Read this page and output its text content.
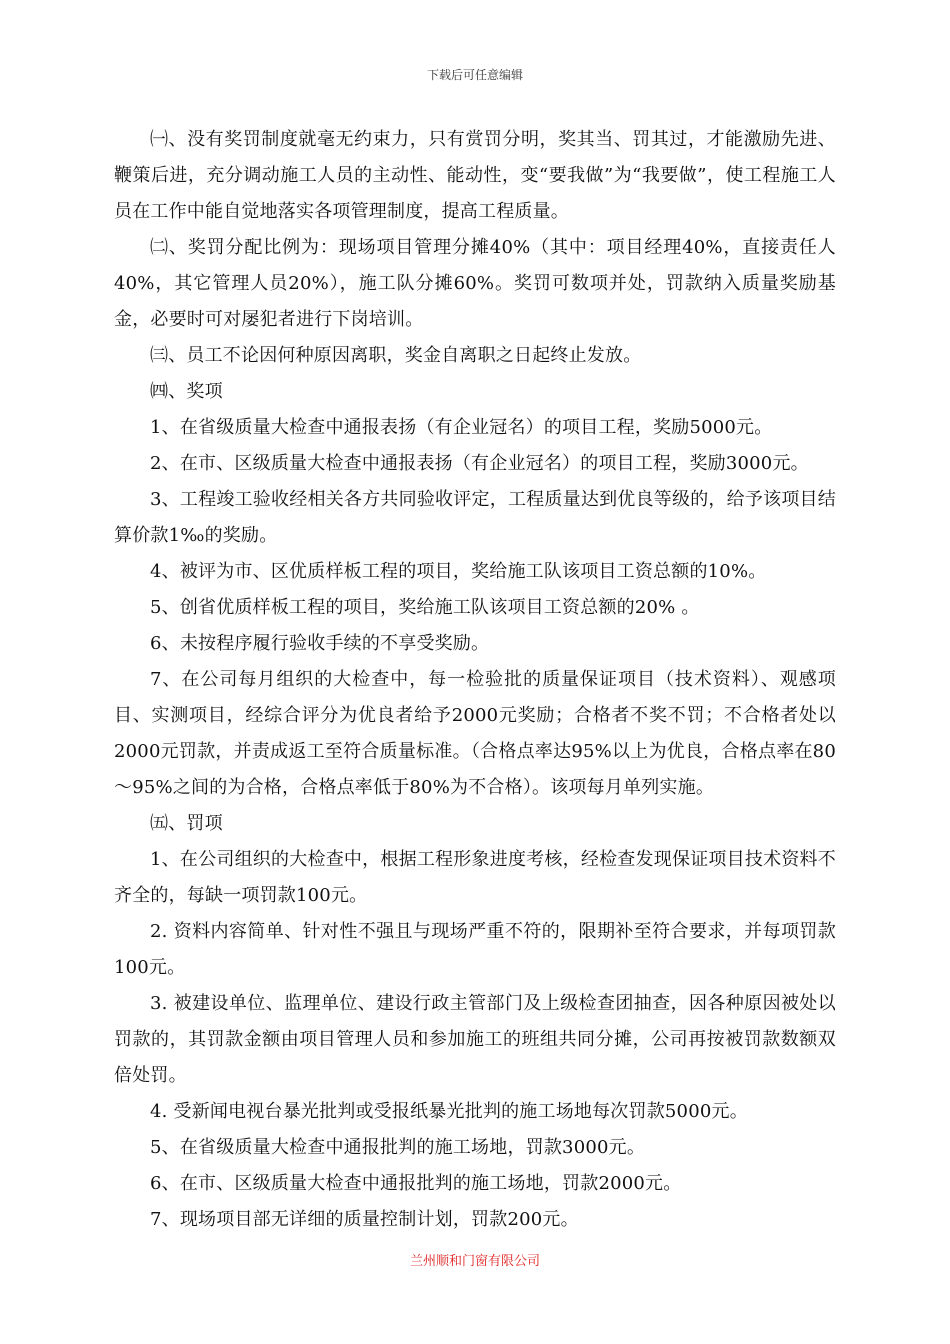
下载后可任意编辑

㈠、没有奖罚制度就毫无约束力，只有赏罚分明，奖其当、罚其过，才能激励先进、鞭策后进，充分调动施工人员的主动性、能动性，变“要我做”为“我要做”，使工程施工人员在工作中能自觉地落实各项管理制度，提高工程质量。

㈡、奖罚分配比例为：现场项目管理分摊40%（其中：项目经理40%，直接责任人40%，其它管理人员20%），施工队分摊60%。奖罚可数项并处，罚款纳入质量奖励基金，必要时可对屡犯者进行下岗培训。

㈢、员工不论因何种原因离职，奖金自离职之日起终止发放。

㈣、奖项

1、在省级质量大检查中通报表扬（有企业冠名）的项目工程，奖励5000元。

2、在市、区级质量大检查中通报表扬（有企业冠名）的项目工程，奖励3000元。

3、工程竣工验收经相关各方共同验收评定，工程质量达到优良等级的，给予该项目结算价款1‰的奖励。

4、被评为市、区优质样板工程的项目，奖给施工队该项目工资总额的10%。

5、创省优质样板工程的项目，奖给施工队该项目工资总额的20% 。

6、未按程序履行验收手续的不享受奖励。

7、在公司每月组织的大检查中，每一检验批的质量保证项目（技术资料）、观感项目、实测项目，经综合评分为优良者给予2000元奖励；合格者不奖不罚；不合格者处以2000元罚款，并责成返工至符合质量标准。（合格点率达95%以上为优良，合格点率在80～95%之间的为合格，合格点率低于80%为不合格）。该项每月单列实施。

㈤、罚项

1、在公司组织的大检查中，根据工程形象进度考核，经检查发现保证项目技术资料不齐全的，每缺一项罚款100元。

2. 资料内容简单、针对性不强且与现场严重不符的，限期补至符合要求，并每项罚款100元。

3. 被建设单位、监理单位、建设行政主管部门及上级检查团抽查，因各种原因被处以罚款的，其罚款金额由项目管理人员和参加施工的班组共同分摊，公司再按被罚款数额双倍处罚。

4. 受新闻电视台暴光批判或受报纸暴光批判的施工场地每次罚款5000元。

5、在省级质量大检查中通报批判的施工场地，罚款3000元。

6、在市、区级质量大检查中通报批判的施工场地，罚款2000元。

7、现场项目部无详细的质量控制计划，罚款200元。

兰州顺和门窗有限公司
